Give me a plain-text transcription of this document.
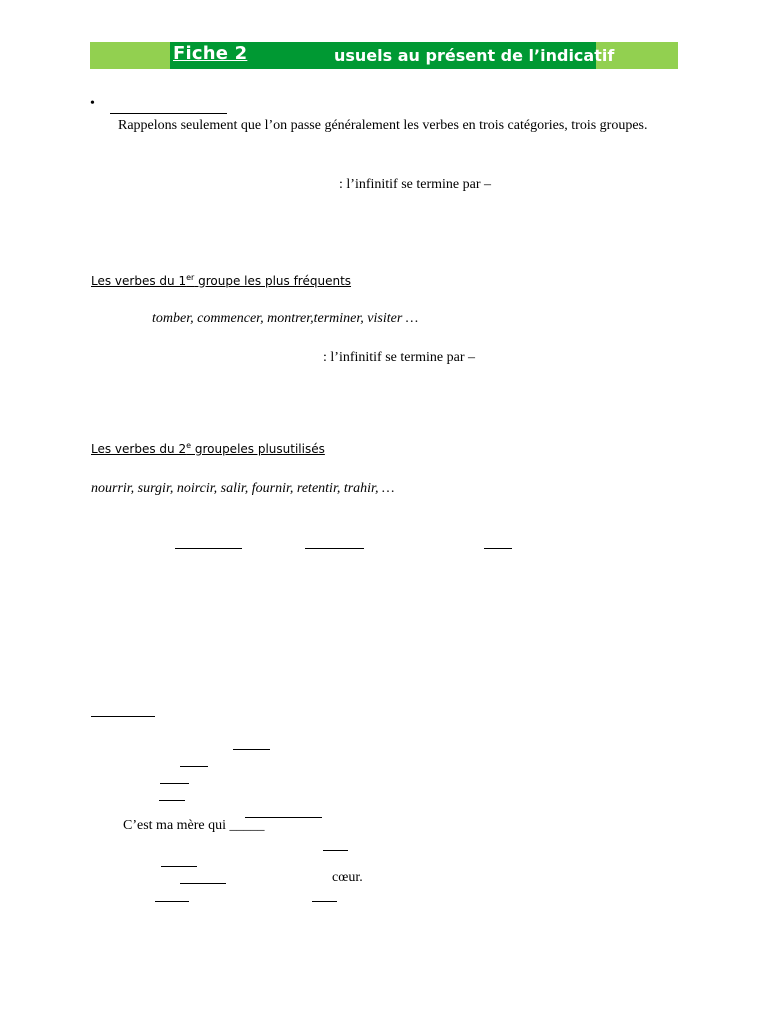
Fiche 2	usuels au présent de l’indicatif
•
Rappelons seulement que l’on passe généralement les verbes en trois catégories, trois groupes.
: l’infinitif se termine par –
Les verbes du 1er groupe les plus fréquents
tomber, commencer, montrer,terminer, visiter …
: l’infinitif se termine par –
Les verbes du 2e groupeles plusutilisés
nourrir, surgir, noircir, salir, fournir, retentir, trahir, …
C’est ma mère qui _____
cœur.
